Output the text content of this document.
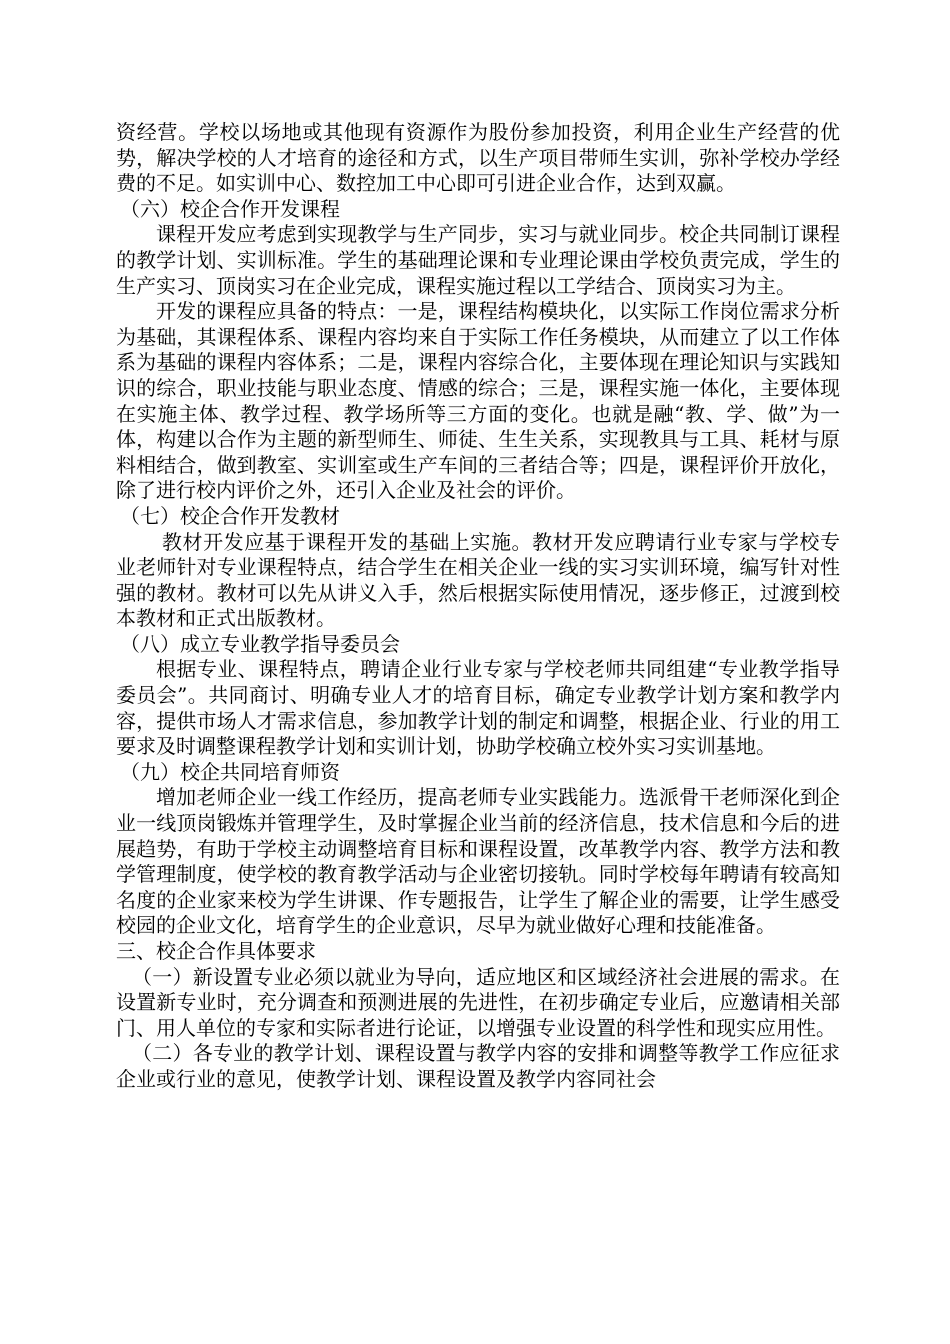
资经营。学校以场地或其他现有资源作为股份参加投资，利用企业生产经营的优势，解决学校的人才培育的途径和方式，以生产项目带师生实训，弥补学校办学经费的不足。如实训中心、数控加工中心即可引进企业合作，达到双赢。

（六）校企合作开发课程

课程开发应考虑到实现教学与生产同步，实习与就业同步。校企共同制订课程的教学计划、实训标准。学生的基础理论课和专业理论课由学校负责完成，学生的生产实习、顶岗实习在企业完成，课程实施过程以工学结合、顶岗实习为主。

开发的课程应具备的特点：一是，课程结构模块化，以实际工作岗位需求分析为基础，其课程体系、课程内容均来自于实际工作任务模块，从而建立了以工作体系为基础的课程内容体系；二是，课程内容综合化，主要体现在理论知识与实践知识的综合，职业技能与职业态度、情感的综合；三是，课程实施一体化，主要体现在实施主体、教学过程、教学场所等三方面的变化。也就是融“教、学、做”为一体，构建以合作为主题的新型师生、师徒、生生关系，实现教具与工具、耗材与原料相结合，做到教室、实训室或生产车间的三者结合等；四是，课程评价开放化，除了进行校内评价之外，还引入企业及社会的评价。

（七）校企合作开发教材

教材开发应基于课程开发的基础上实施。教材开发应聘请行业专家与学校专业老师针对专业课程特点，结合学生在相关企业一线的实习实训环境，编写针对性强的教材。教材可以先从讲义入手，然后根据实际使用情况，逐步修正，过渡到校本教材和正式出版教材。

（八）成立专业教学指导委员会

根据专业、课程特点，聘请企业行业专家与学校老师共同组建“专业教学指导委员会”。共同商讨、明确专业人才的培育目标，确定专业教学计划方案和教学内容，提供市场人才需求信息，参加教学计划的制定和调整，根据企业、行业的用工要求及时调整课程教学计划和实训计划，协助学校确立校外实习实训基地。

（九）校企共同培育师资

增加老师企业一线工作经历，提高老师专业实践能力。选派骨干老师深化到企业一线顶岗锻炼并管理学生，及时掌握企业当前的经济信息，技术信息和今后的进展趋势，有助于学校主动调整培育目标和课程设置，改革教学内容、教学方法和教学管理制度，使学校的教育教学活动与企业密切接轨。同时学校每年聘请有较高知名度的企业家来校为学生讲课、作专题报告，让学生了解企业的需要，让学生感受校园的企业文化，培育学生的企业意识，尽早为就业做好心理和技能准备。

三、校企合作具体要求

（一）新设置专业必须以就业为导向，适应地区和区域经济社会进展的需求。在设置新专业时，充分调查和预测进展的先进性，在初步确定专业后，应邀请相关部门、用人单位的专家和实际者进行论证，以增强专业设置的科学性和现实应用性。

（二）各专业的教学计划、课程设置与教学内容的安排和调整等教学工作应征求企业或行业的意见，使教学计划、课程设置及教学内容同社会
